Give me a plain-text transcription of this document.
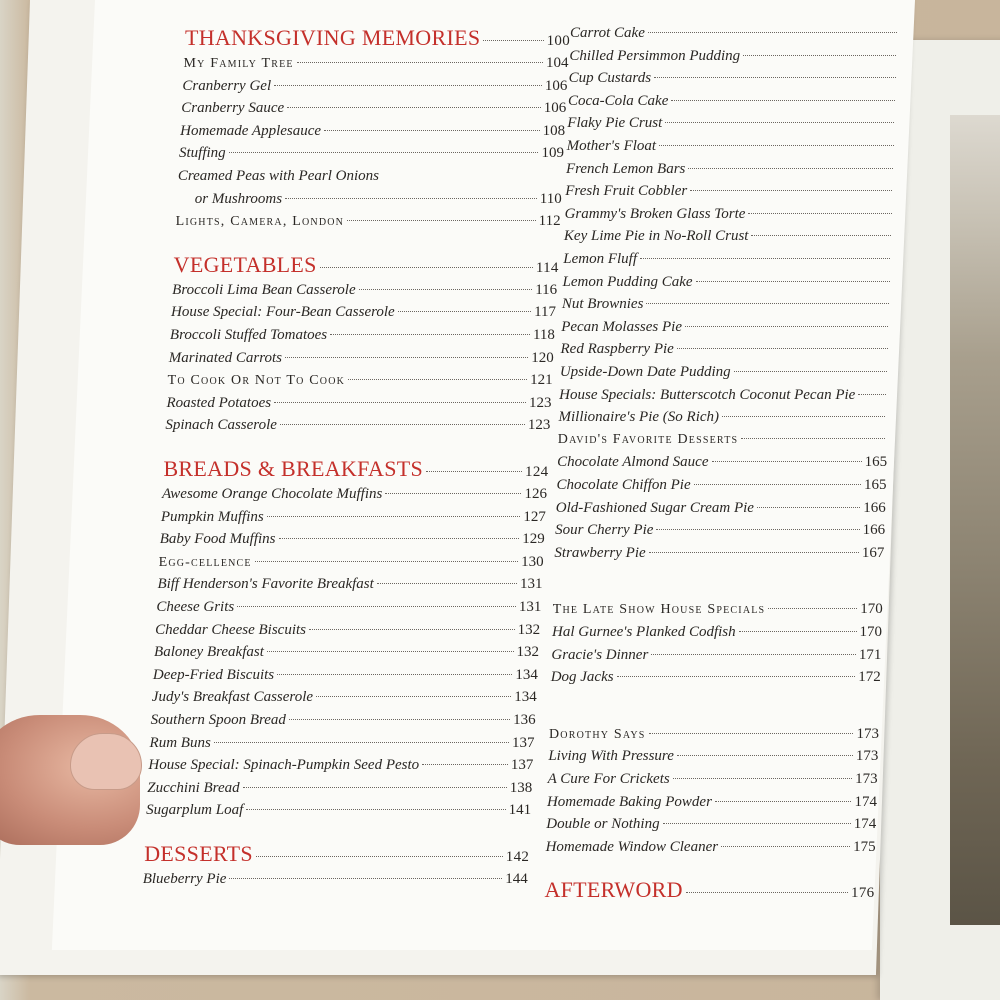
THANKSGIVING MEMORIES	100
My Family Tree	104
Cranberry Gel	106
Cranberry Sauce	106
Homemade Applesauce	108
Stuffing	109
Creamed Peas with Pearl Onions
or Mushrooms	110
Lights, Camera, London	112
VEGETABLES	114
Broccoli Lima Bean Casserole	116
House Special: Four-Bean Casserole	117
Broccoli Stuffed Tomatoes	118
Marinated Carrots	120
To Cook Or Not To Cook	121
Roasted Potatoes	123
Spinach Casserole	123
BREADS & BREAKFASTS	124
Awesome Orange Chocolate Muffins	126
Pumpkin Muffins	127
Baby Food Muffins	129
Egg-cellence	130
Biff Henderson's Favorite Breakfast	131
Cheese Grits	131
Cheddar Cheese Biscuits	132
Baloney Breakfast	132
Deep-Fried Biscuits	134
Judy's Breakfast Casserole	134
Southern Spoon Bread	136
Rum Buns	137
House Special: Spinach-Pumpkin Seed Pesto	137
Zucchini Bread	138
Sugarplum Loaf	141
DESSERTS	142
Blueberry Pie	144
Carrot Cake
Chilled Persimmon Pudding
Cup Custards
Coca-Cola Cake
Flaky Pie Crust
Mother's Float
French Lemon Bars
Fresh Fruit Cobbler
Grammy's Broken Glass Torte
Key Lime Pie in No-Roll Crust
Lemon Fluff
Lemon Pudding Cake
Nut Brownies
Pecan Molasses Pie
Red Raspberry Pie
Upside-Down Date Pudding
House Specials: Butterscotch Coconut Pecan Pie
Millionaire's Pie (So Rich)
David's Favorite Desserts
Chocolate Almond Sauce	165
Chocolate Chiffon Pie	165
Old-Fashioned Sugar Cream Pie	166
Sour Cherry Pie	166
Strawberry Pie	167
The Late Show House Specials	170
Hal Gurnee's Planked Codfish	170
Gracie's Dinner	171
Dog Jacks	172
Dorothy Says	173
Living With Pressure	173
A Cure For Crickets	173
Homemade Baking Powder	174
Double or Nothing	174
Homemade Window Cleaner	175
AFTERWORD	176
